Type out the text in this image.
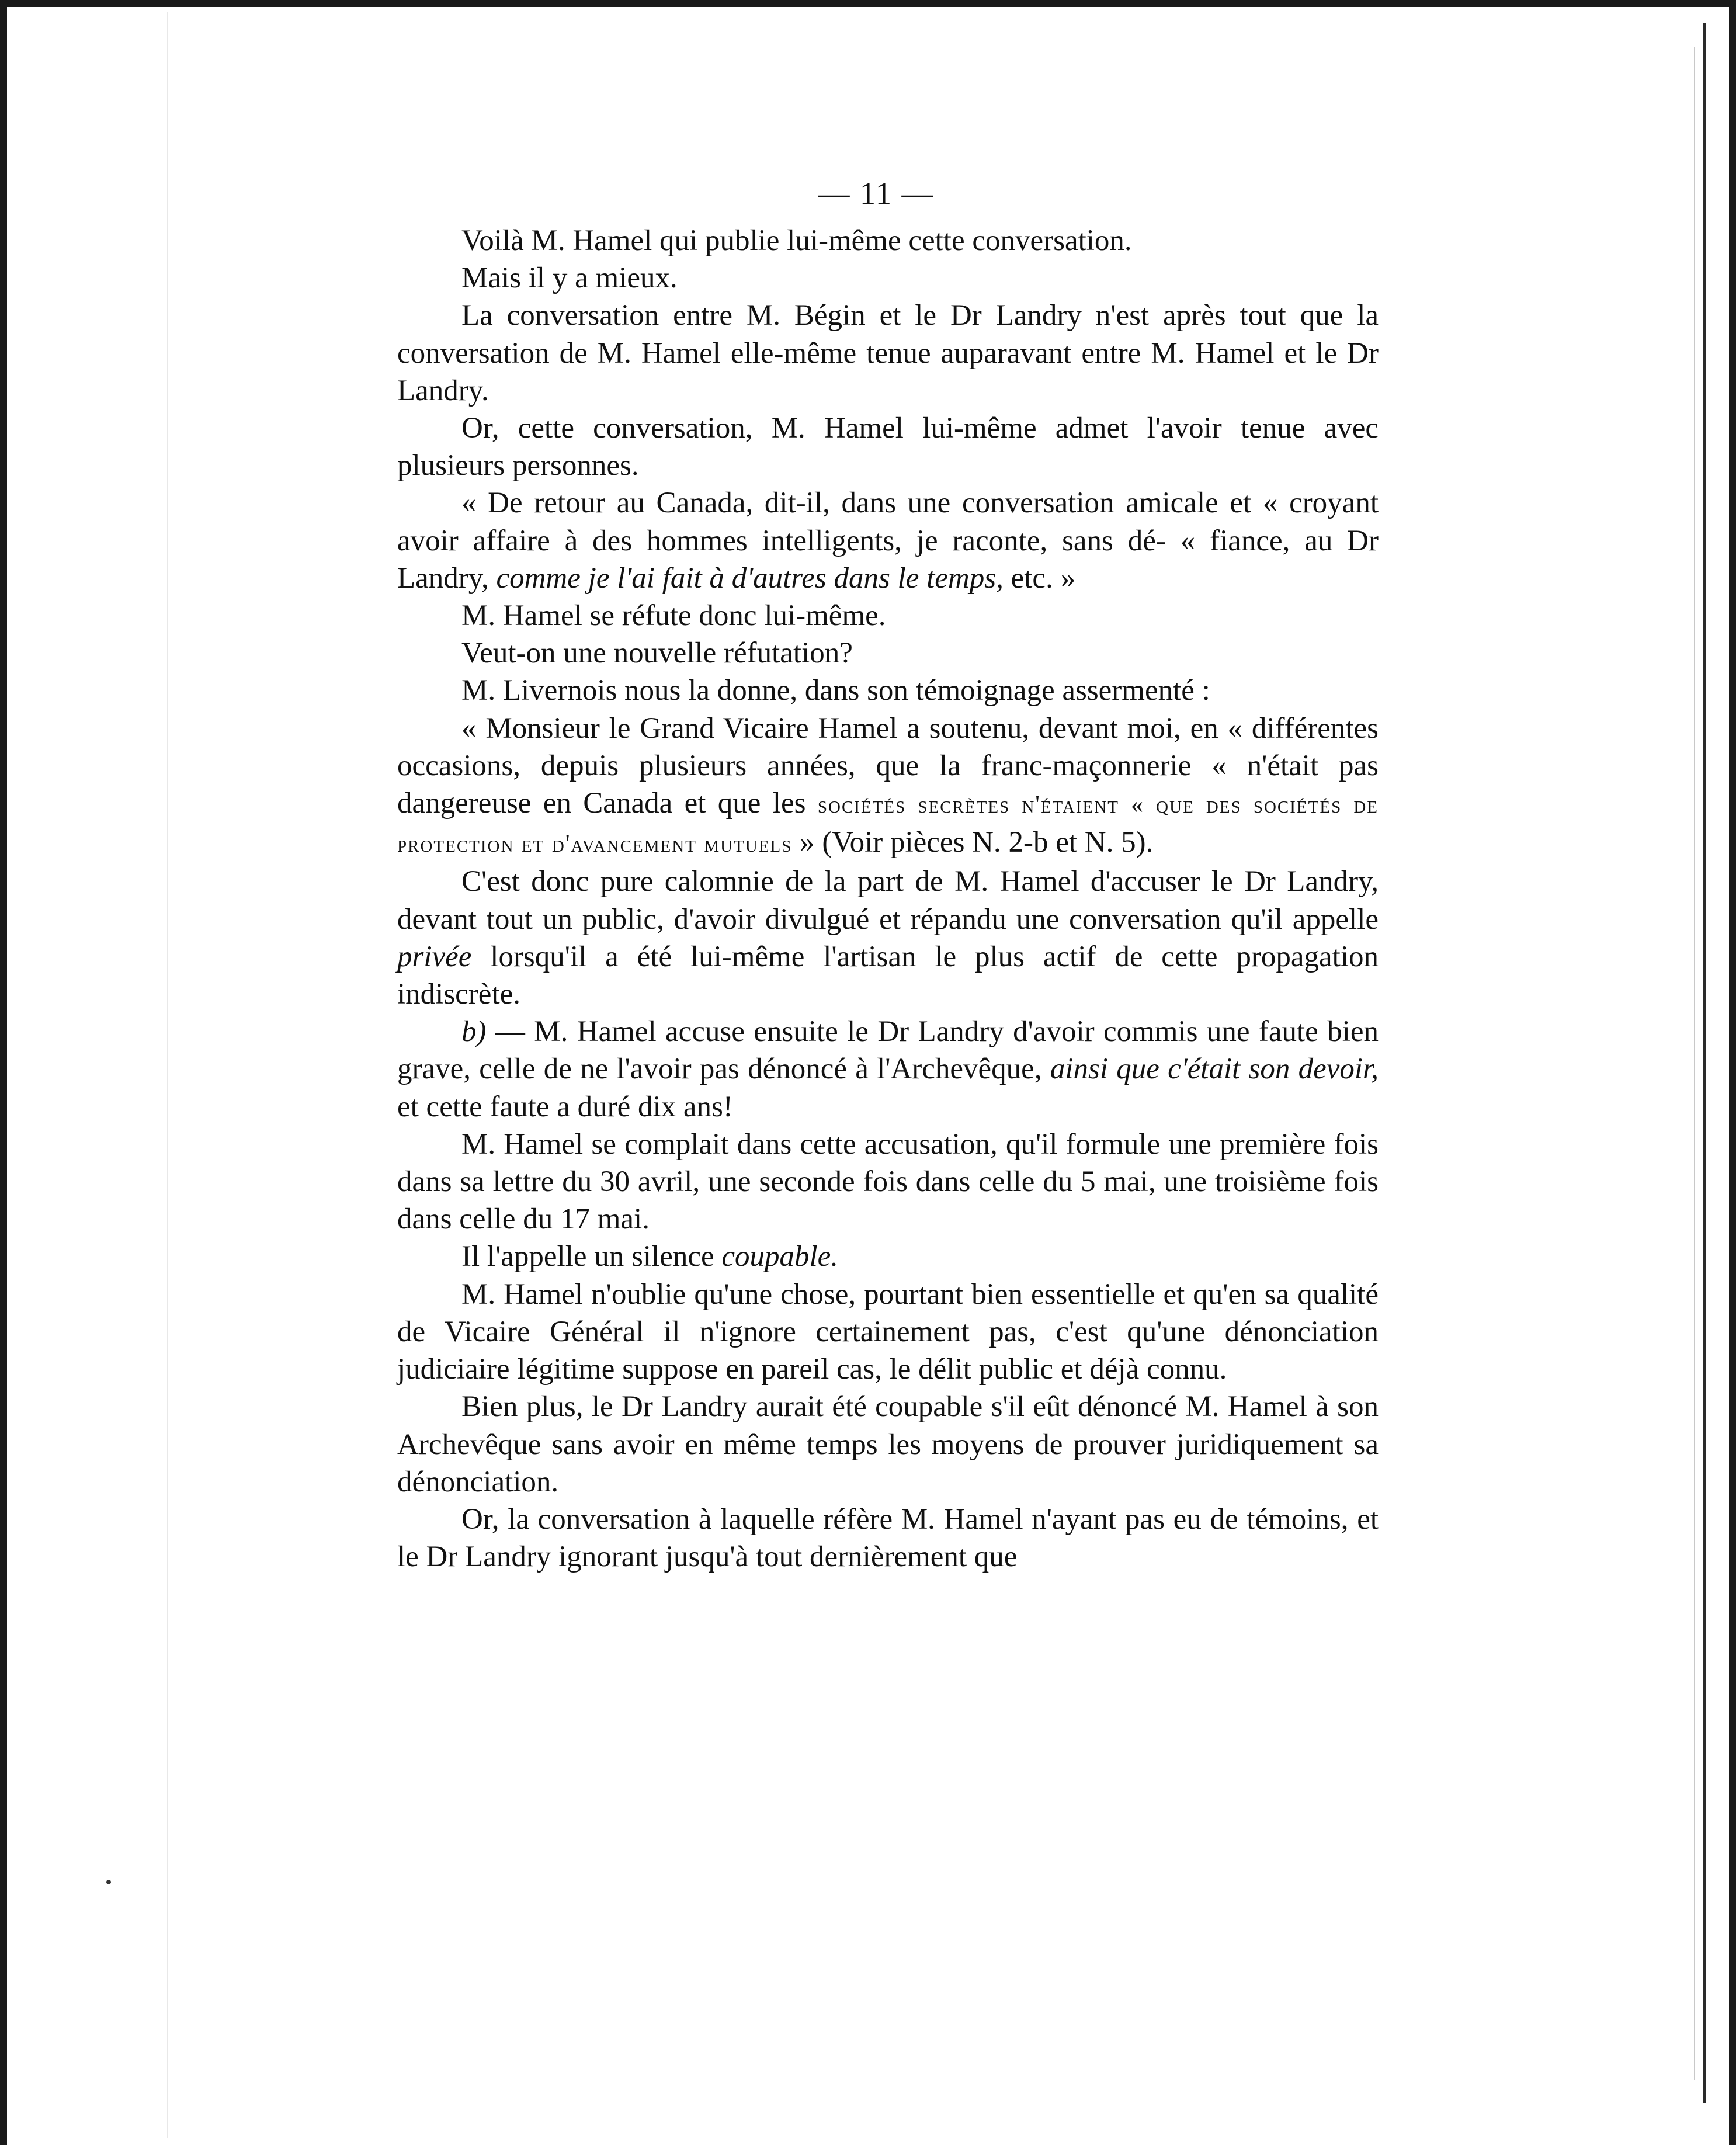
— 11 —

Voilà M. Hamel qui publie lui-même cette conversation.

Mais il y a mieux.

La conversation entre M. Bégin et le Dr Landry n'est après tout que la conversation de M. Hamel elle-même tenue auparavant entre M. Hamel et le Dr Landry.

Or, cette conversation, M. Hamel lui-même admet l'avoir tenue avec plusieurs personnes.

« De retour au Canada, dit-il, dans une conversation amicale et « croyant avoir affaire à des hommes intelligents, je raconte, sans dé- « fiance, au Dr Landry, comme je l'ai fait à d'autres dans le temps, etc. »

M. Hamel se réfute donc lui-même.

Veut-on une nouvelle réfutation?

M. Livernois nous la donne, dans son témoignage assermenté :

« Monsieur le Grand Vicaire Hamel a soutenu, devant moi, en « différentes occasions, depuis plusieurs années, que la franc-maçonnerie « n'était pas dangereuse en Canada et que les sociétés secrètes n'étaient « que des sociétés de protection et d'avancement mutuels » (Voir pièces N. 2-b et N. 5).

C'est donc pure calomnie de la part de M. Hamel d'accuser le Dr Landry, devant tout un public, d'avoir divulgué et répandu une conversation qu'il appelle privée lorsqu'il a été lui-même l'artisan le plus actif de cette propagation indiscrète.

b) — M. Hamel accuse ensuite le Dr Landry d'avoir commis une faute bien grave, celle de ne l'avoir pas dénoncé à l'Archevêque, ainsi que c'était son devoir, et cette faute a duré dix ans!

M. Hamel se complait dans cette accusation, qu'il formule une première fois dans sa lettre du 30 avril, une seconde fois dans celle du 5 mai, une troisième fois dans celle du 17 mai.

Il l'appelle un silence coupable.

M. Hamel n'oublie qu'une chose, pourtant bien essentielle et qu'en sa qualité de Vicaire Général il n'ignore certainement pas, c'est qu'une dénonciation judiciaire légitime suppose en pareil cas, le délit public et déjà connu.

Bien plus, le Dr Landry aurait été coupable s'il eût dénoncé M. Hamel à son Archevêque sans avoir en même temps les moyens de prouver juridiquement sa dénonciation.

Or, la conversation à laquelle réfère M. Hamel n'ayant pas eu de témoins, et le Dr Landry ignorant jusqu'à tout dernièrement que
